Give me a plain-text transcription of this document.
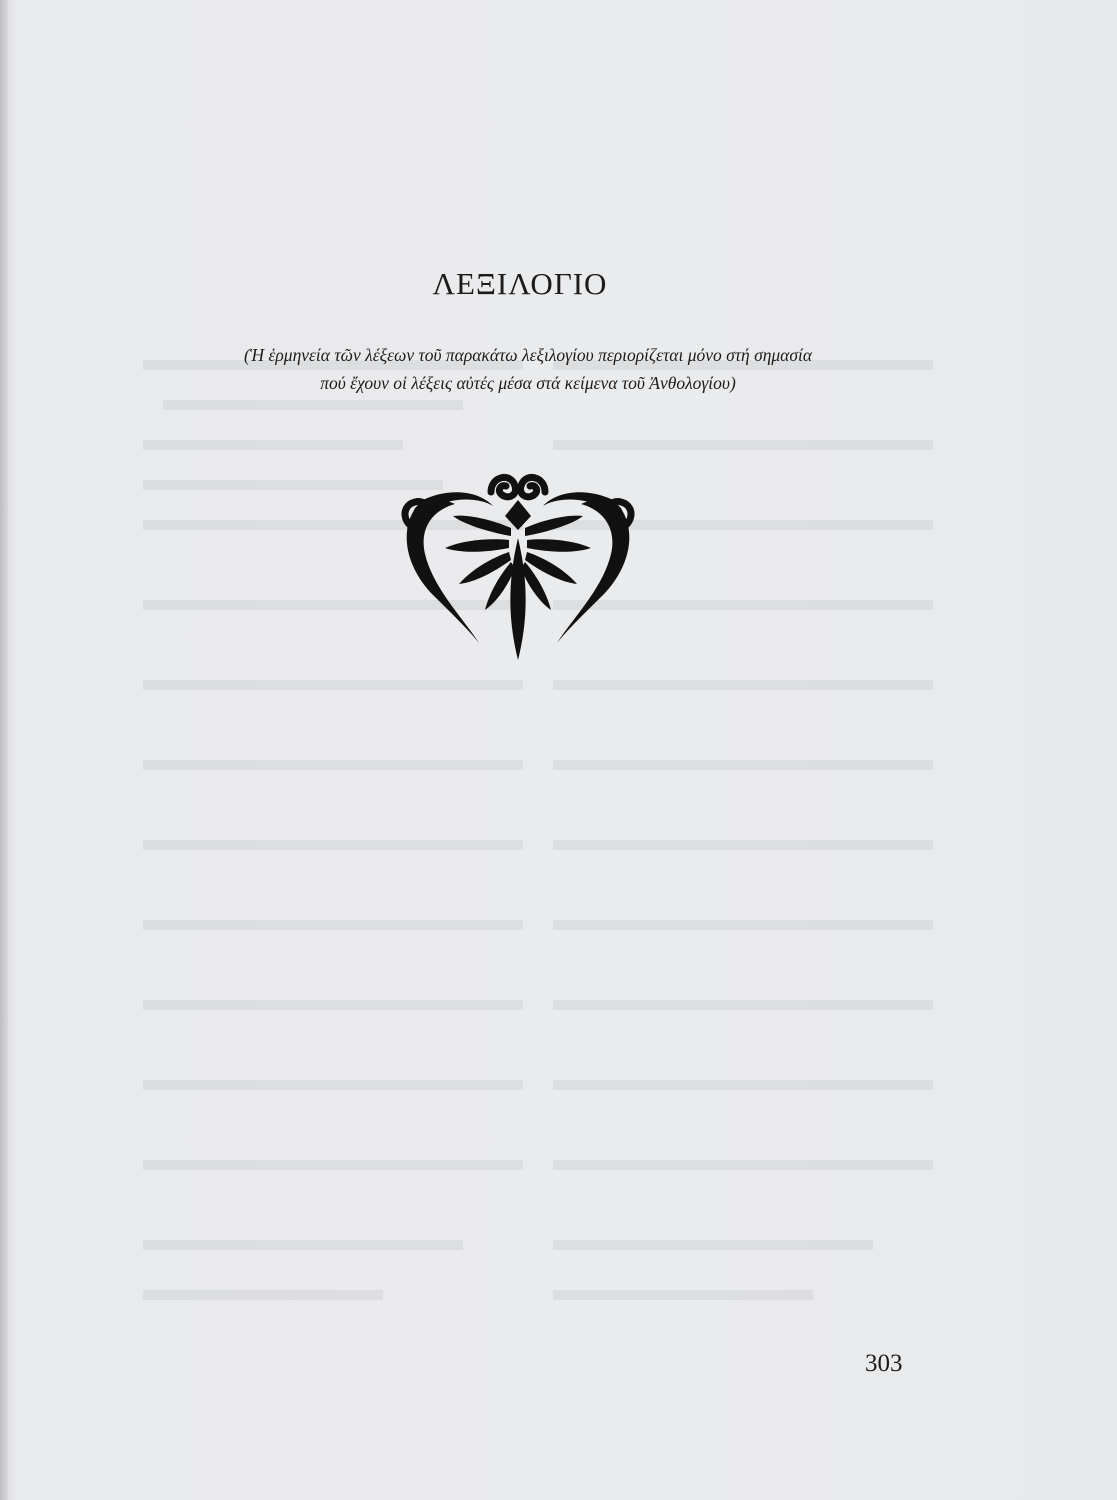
ΛΕΞΙΛΟΓΙΟ
(Ἡ ἑρμηνεία τῶν λέξεων τοῦ παρακάτω λεξιλογίου περιορίζεται μόνο στή σημασία
πού ἔχουν οἱ λέξεις αὐτές μέσα στά κείμενα τοῦ Ἀνθολογίου)
303
